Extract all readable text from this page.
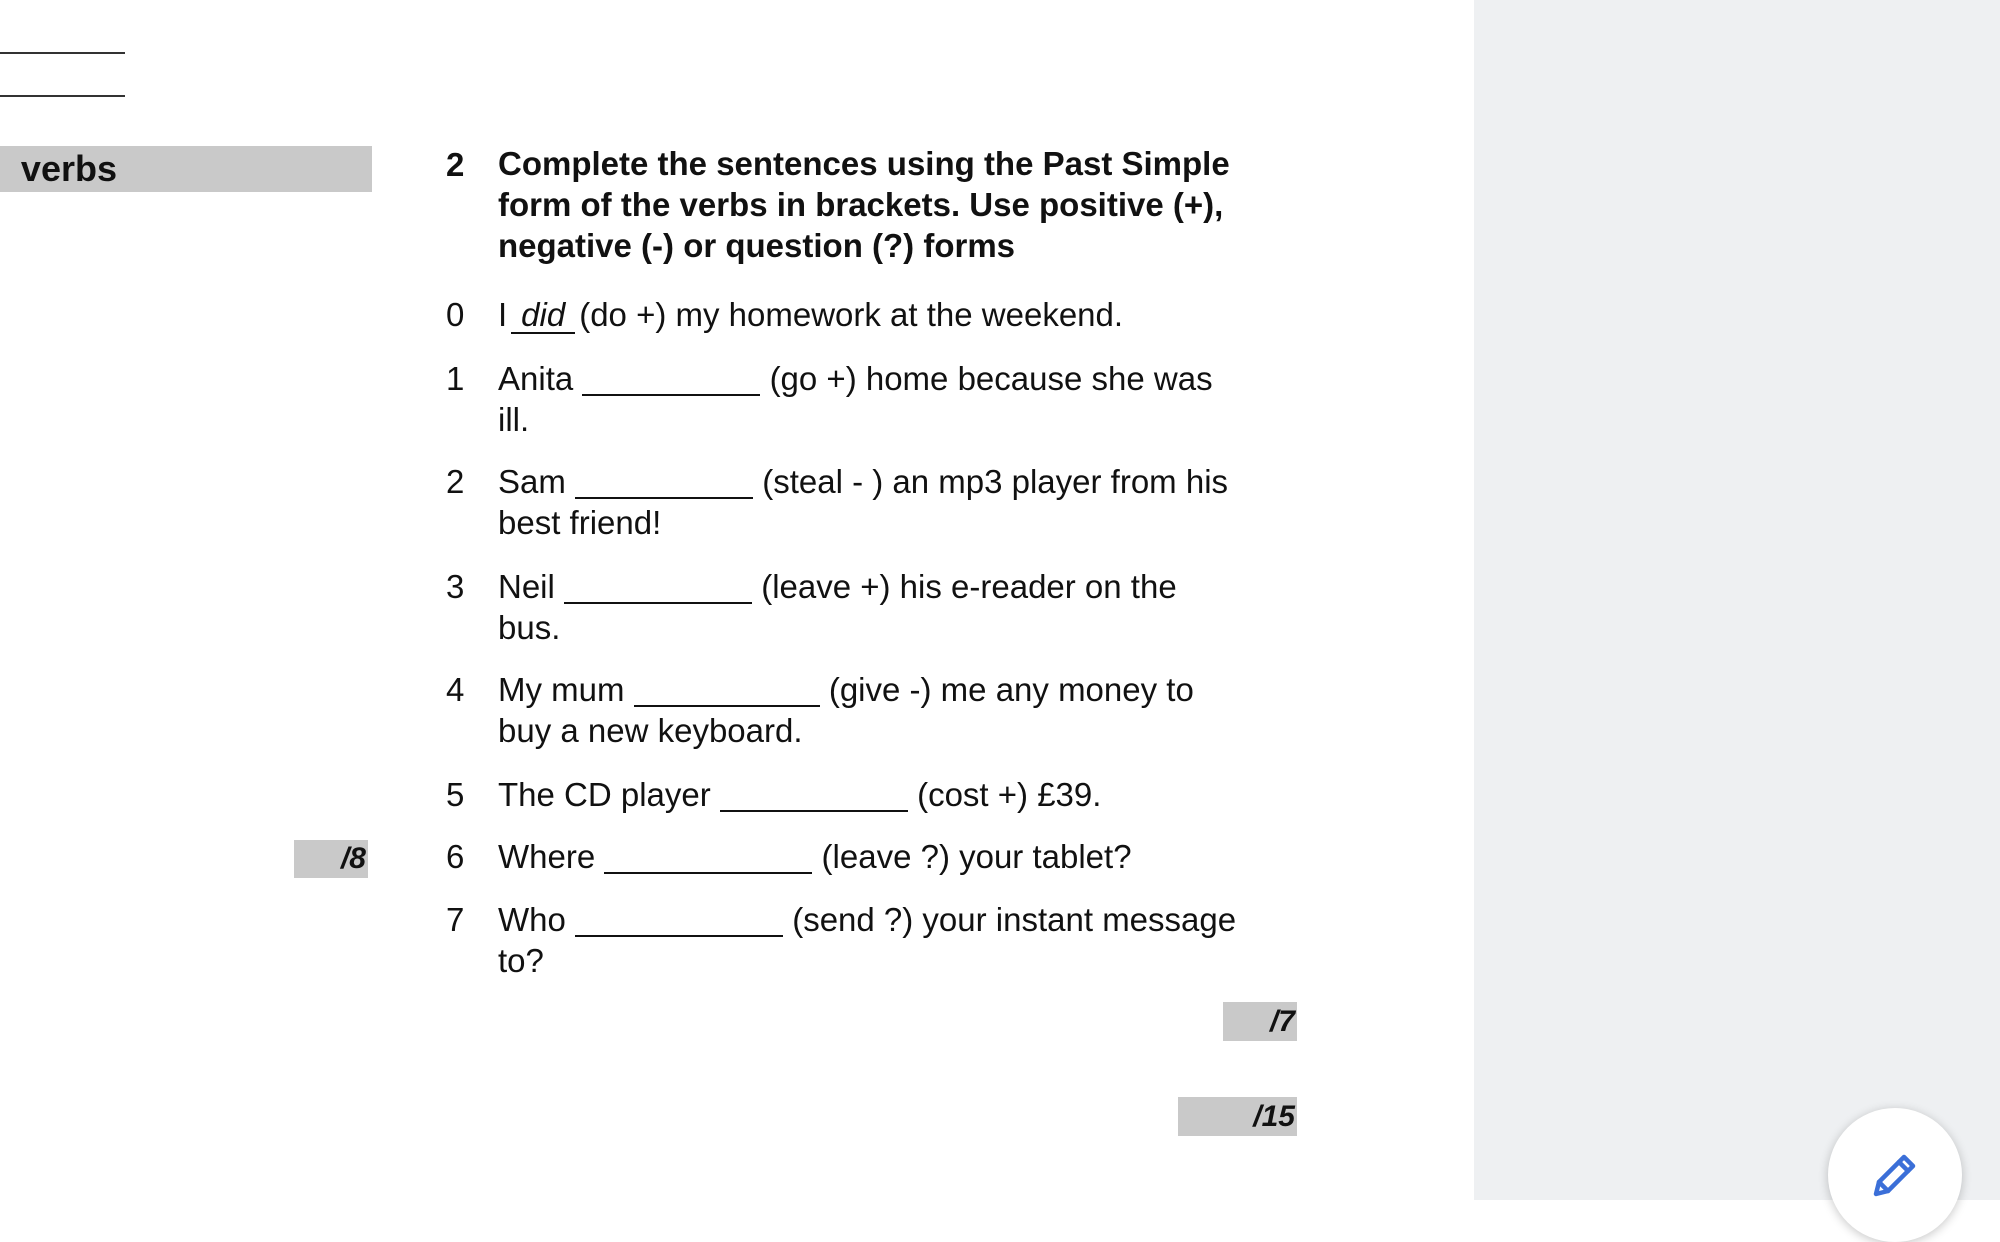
verbs
/8
2 Complete the sentences using the Past Simple
form of the verbs in brackets. Use positive (+),
negative (-) or question (?) forms
0	I did (do +) my homework at the weekend.
1	Anita	(go +) home because she was
ill.
2	Sam	(steal - ) an mp3 player from his
best friend!
3	Neil	(leave +) his e-reader on the
bus.
4	My mum	(give -) me any money to
buy a new keyboard.
5	The CD player	(cost +) £39.
6	Where	(leave ?) your tablet?
7	Who	(send ?) your instant message
to?
/7
/15
